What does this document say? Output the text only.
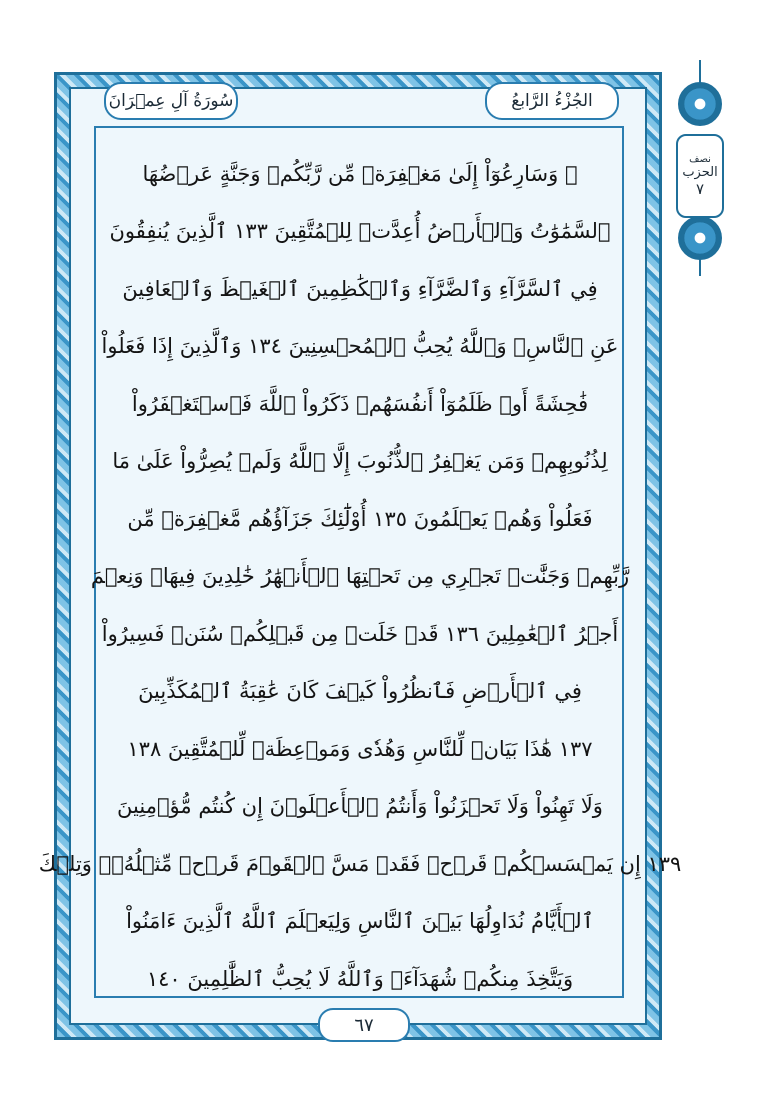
الجُزْءُ الرَّابعُ
سُورَةُ آلِ عِمۡرَانَ
۞ وَسَارِعُوٓاْ إِلَىٰ مَغۡفِرَةٖ مِّن رَّبِّكُمۡ وَجَنَّةٍ عَرۡضُهَا
ٱلسَّمَٰوَٰتُ وَٱلۡأَرۡضُ أُعِدَّتۡ لِلۡمُتَّقِينَ ١٣٣ ٱلَّذِينَ يُنفِقُونَ
فِي ٱلسَّرَّآءِ وَٱلضَّرَّآءِ وَٱلۡكَٰظِمِينَ ٱلۡغَيۡظَ وَٱلۡعَافِينَ
عَنِ ٱلنَّاسِۗ وَٱللَّهُ يُحِبُّ ٱلۡمُحۡسِنِينَ ١٣٤ وَٱلَّذِينَ إِذَا فَعَلُواْ
فَٰحِشَةً أَوۡ ظَلَمُوٓاْ أَنفُسَهُمۡ ذَكَرُواْ ٱللَّهَ فَٱسۡتَغۡفَرُواْ
لِذُنُوبِهِمۡ وَمَن يَغۡفِرُ ٱلذُّنُوبَ إِلَّا ٱللَّهُ وَلَمۡ يُصِرُّواْ عَلَىٰ مَا
فَعَلُواْ وَهُمۡ يَعۡلَمُونَ ١٣٥ أُوْلَٰٓئِكَ جَزَآؤُهُم مَّغۡفِرَةٞ مِّن
رَّبِّهِمۡ وَجَنَّٰتٞ تَجۡرِي مِن تَحۡتِهَا ٱلۡأَنۡهَٰرُ خَٰلِدِينَ فِيهَاۚ وَنِعۡمَ
أَجۡرُ ٱلۡعَٰمِلِينَ ١٣٦ قَدۡ خَلَتۡ مِن قَبۡلِكُمۡ سُنَنٞ فَسِيرُواْ
فِي ٱلۡأَرۡضِ فَٱنظُرُواْ كَيۡفَ كَانَ عَٰقِبَةُ ٱلۡمُكَذِّبِينَ
١٣٧ هَٰذَا بَيَانٞ لِّلنَّاسِ وَهُدٗى وَمَوۡعِظَةٞ لِّلۡمُتَّقِينَ ١٣٨
وَلَا تَهِنُواْ وَلَا تَحۡزَنُواْ وَأَنتُمُ ٱلۡأَعۡلَوۡنَ إِن كُنتُم مُّؤۡمِنِينَ
١٣٩ إِن يَمۡسَسۡكُمۡ قَرۡحٞ فَقَدۡ مَسَّ ٱلۡقَوۡمَ قَرۡحٞ مِّثۡلُهُۥۚ وَتِلۡكَ
ٱلۡأَيَّامُ نُدَاوِلُهَا بَيۡنَ ٱلنَّاسِ وَلِيَعۡلَمَ ٱللَّهُ ٱلَّذِينَ ءَامَنُواْ
وَيَتَّخِذَ مِنكُمۡ شُهَدَآءَۗ وَٱللَّهُ لَا يُحِبُّ ٱلظَّٰلِمِينَ ١٤٠
٦٧
نصف
الحزب
٧
